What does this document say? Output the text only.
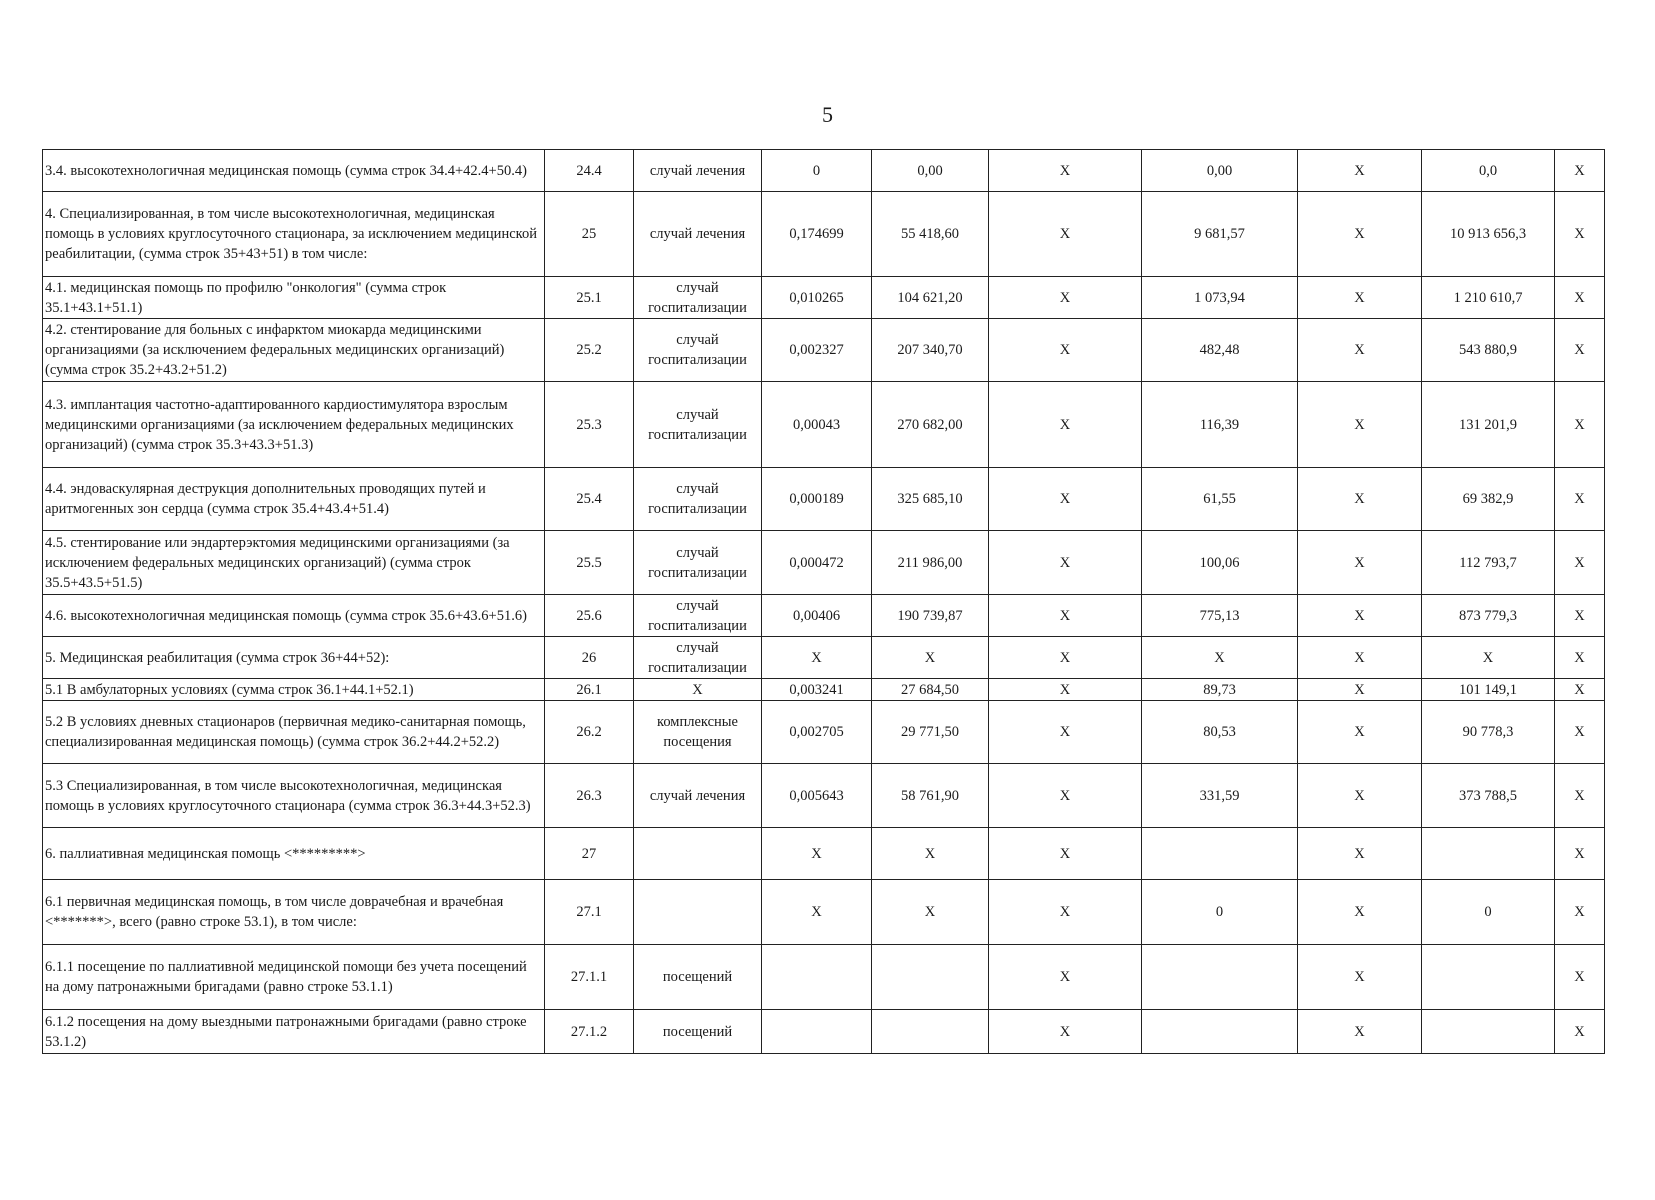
5
3.4. высокотехнологичная медицинская помощь (сумма строк 34.4+42.4+50.4)	24.4	случай лечения	0	0,00	X	0,00	X	0,0	X
4. Специализированная, в том числе высокотехнологичная, медицинская помощь в условиях круглосуточного стационара, за исключением медицинской реабилитации, (сумма строк 35+43+51) в том числе:	25	случай лечения	0,174699	55 418,60	X	9 681,57	X	10 913 656,3	X
4.1. медицинская помощь по профилю "онкология" (сумма строк 35.1+43.1+51.1)	25.1	случай госпитализации	0,010265	104 621,20	X	1 073,94	X	1 210 610,7	X
4.2. стентирование для больных с инфарктом миокарда медицинскими организациями (за исключением федеральных медицинских организаций) (сумма строк 35.2+43.2+51.2)	25.2	случай госпитализации	0,002327	207 340,70	X	482,48	X	543 880,9	X
4.3. имплантация частотно-адаптированного кардиостимулятора взрослым медицинскими организациями (за исключением федеральных медицинских организаций) (сумма строк 35.3+43.3+51.3)	25.3	случай госпитализации	0,00043	270 682,00	X	116,39	X	131 201,9	X
4.4. эндоваскулярная деструкция дополнительных проводящих путей и аритмогенных зон сердца (сумма строк 35.4+43.4+51.4)	25.4	случай госпитализации	0,000189	325 685,10	X	61,55	X	69 382,9	X
4.5. стентирование или эндартерэктомия медицинскими организациями (за исключением федеральных медицинских организаций) (сумма строк 35.5+43.5+51.5)	25.5	случай госпитализации	0,000472	211 986,00	X	100,06	X	112 793,7	X
4.6. высокотехнологичная медицинская помощь (сумма строк 35.6+43.6+51.6)	25.6	случай госпитализации	0,00406	190 739,87	X	775,13	X	873 779,3	X
5. Медицинская реабилитация (сумма строк 36+44+52):	26	случай госпитализации	X	X	X	X	X	X	X
5.1 В амбулаторных условиях (сумма строк 36.1+44.1+52.1)	26.1	X	0,003241	27 684,50	X	89,73	X	101 149,1	X
5.2 В условиях дневных стационаров (первичная медико-санитарная помощь, специализированная медицинская помощь) (сумма строк 36.2+44.2+52.2)	26.2	комплексные посещения	0,002705	29 771,50	X	80,53	X	90 778,3	X
5.3 Специализированная, в том числе высокотехнологичная, медицинская помощь в условиях круглосуточного стационара (сумма строк 36.3+44.3+52.3)	26.3	случай лечения	0,005643	58 761,90	X	331,59	X	373 788,5	X
6. паллиативная медицинская помощь <*********>	27		X	X	X		X		X
6.1 первичная медицинская помощь, в том числе доврачебная и врачебная <*******>, всего (равно строке 53.1), в том числе:	27.1		X	X	X	0	X	0	X
6.1.1 посещение по паллиативной медицинской помощи без учета посещений на дому патронажными бригадами (равно строке 53.1.1)	27.1.1	посещений			X		X		X
6.1.2 посещения на дому выездными патронажными бригадами (равно строке 53.1.2)	27.1.2	посещений			X		X		X
